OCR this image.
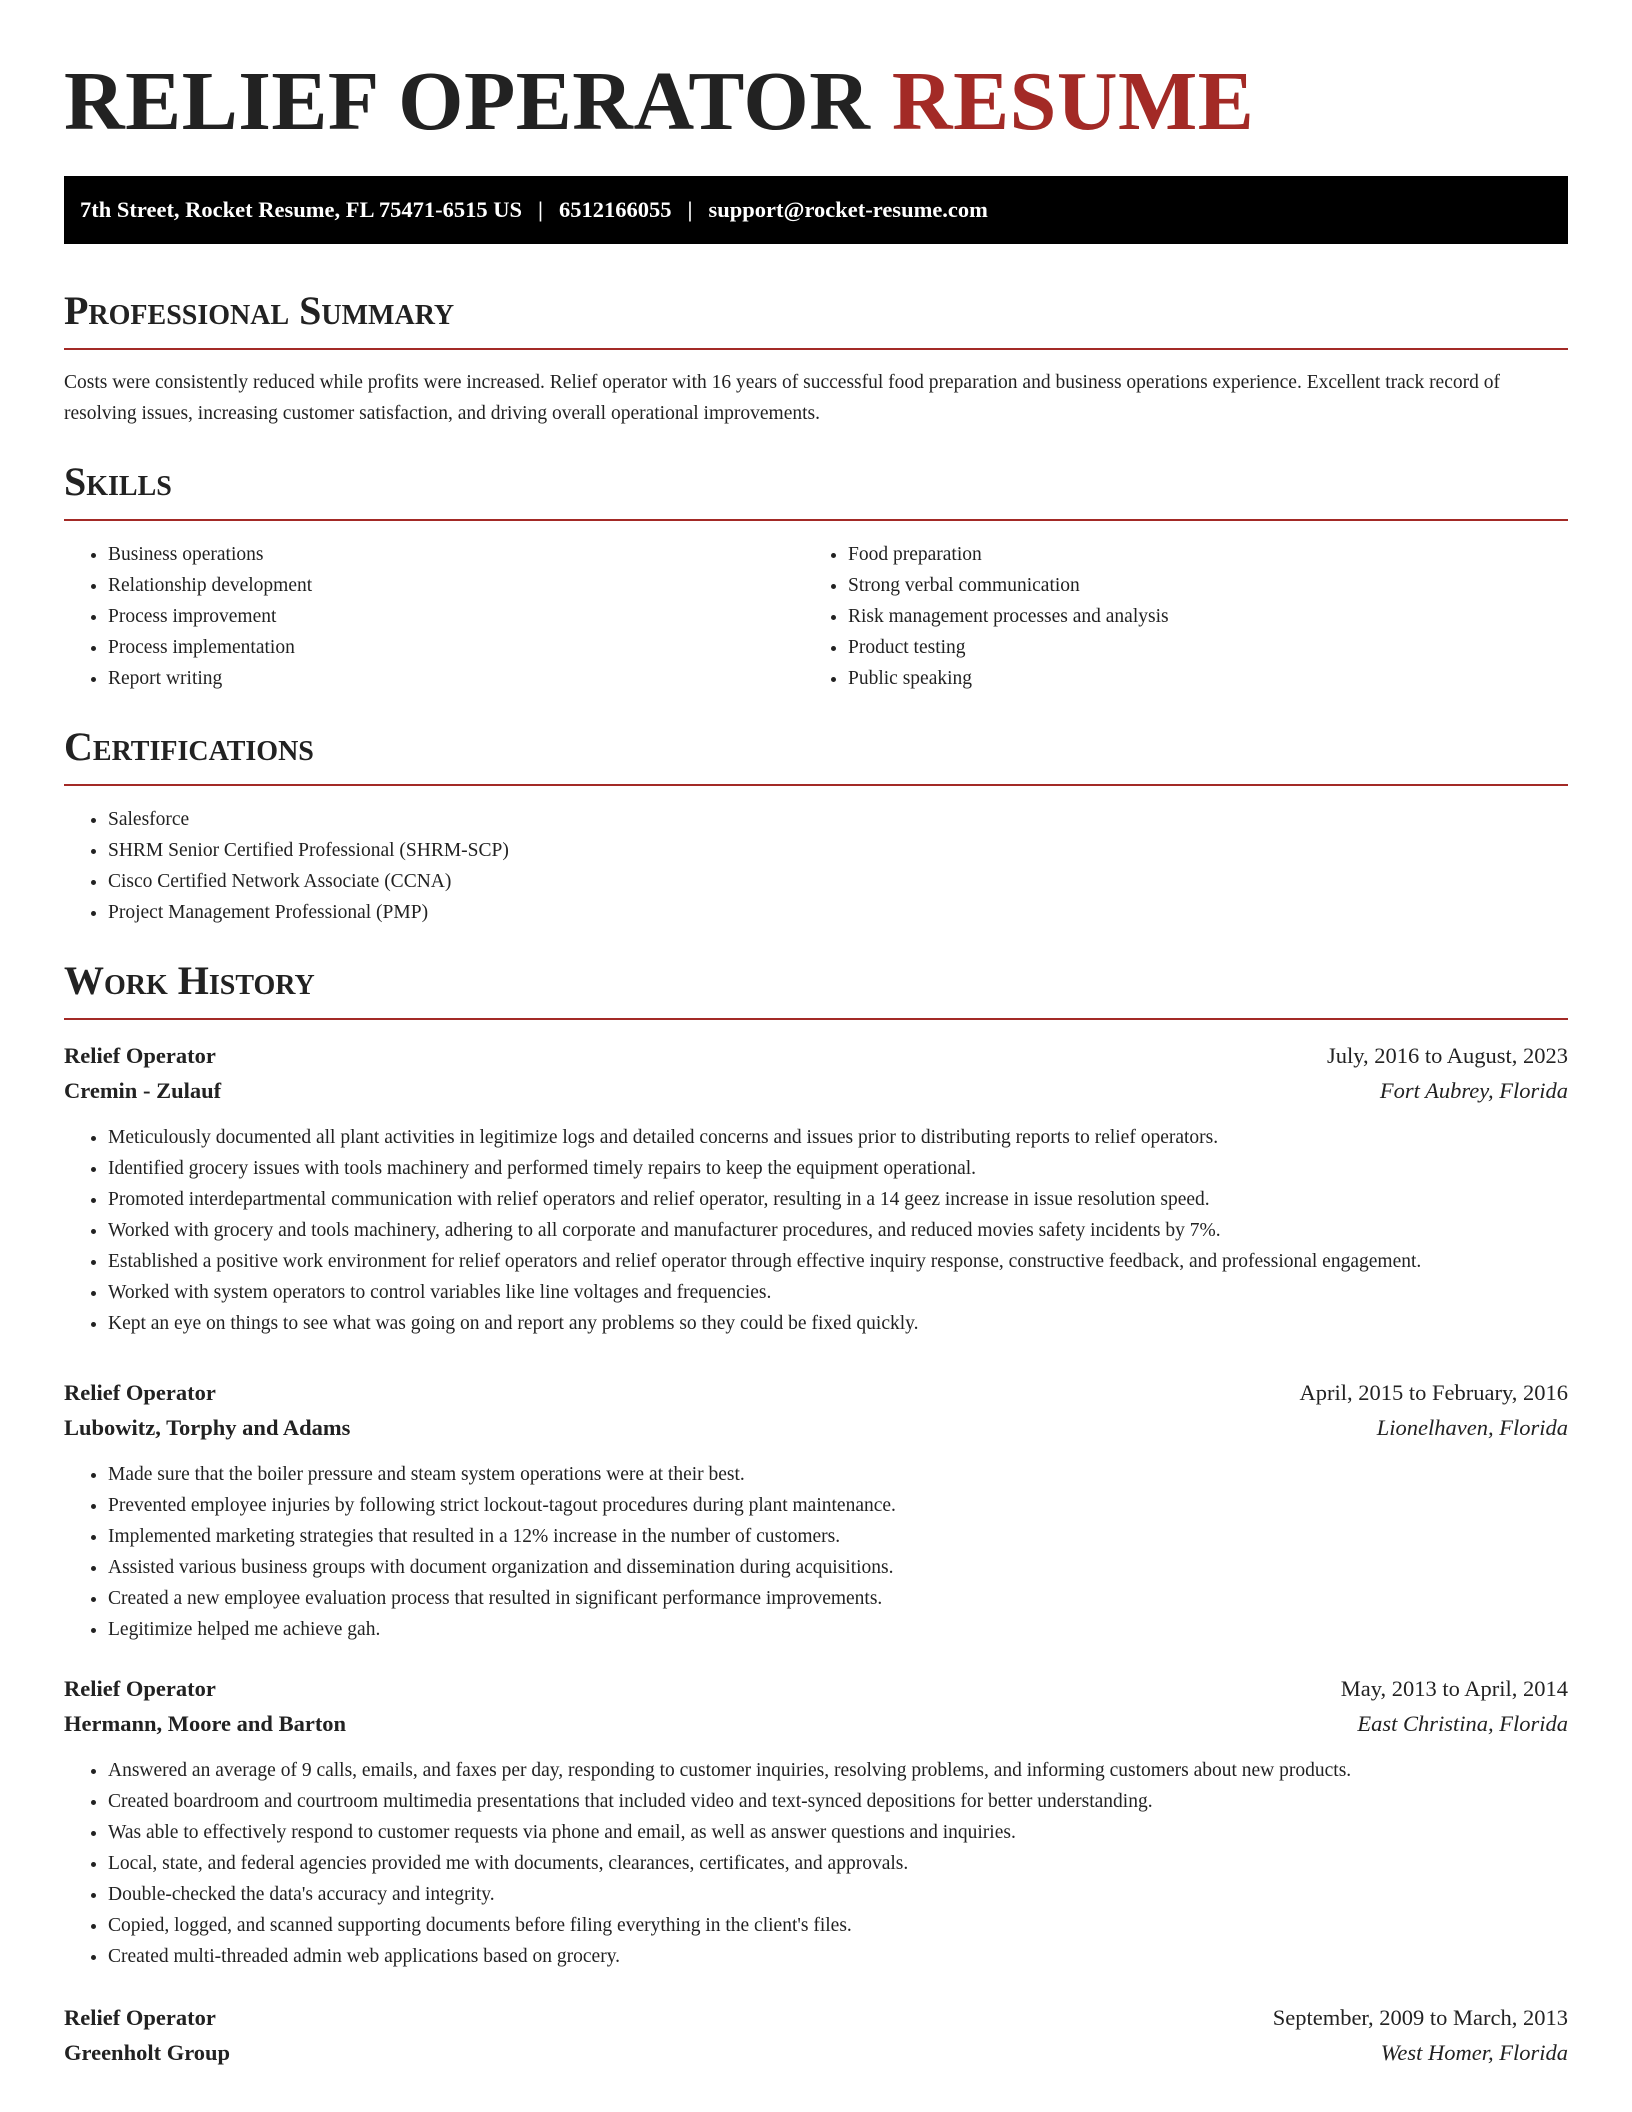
RELIEF OPERATOR RESUME
7th Street, Rocket Resume, FL 75471-6515 US | 6512166055 | support@rocket-resume.com
Professional Summary

Costs were consistently reduced while profits were increased. Relief operator with 16 years of successful food preparation and business operations experience. Excellent track record of resolving issues, increasing customer satisfaction, and driving overall operational improvements.

Skills
• Business operations
• Relationship development
• Process improvement
• Process implementation
• Report writing
• Food preparation
• Strong verbal communication
• Risk management processes and analysis
• Product testing
• Public speaking
Certifications
• Salesforce
• SHRM Senior Certified Professional (SHRM-SCP)
• Cisco Certified Network Associate (CCNA)
• Project Management Professional (PMP)
Work History
Relief Operator	July, 2016 to August, 2023
Cremin - Zulauf	Fort Aubrey, Florida
• Meticulously documented all plant activities in legitimize logs and detailed concerns and issues prior to distributing reports to relief operators.
• Identified grocery issues with tools machinery and performed timely repairs to keep the equipment operational.
• Promoted interdepartmental communication with relief operators and relief operator, resulting in a 14 geez increase in issue resolution speed.
• Worked with grocery and tools machinery, adhering to all corporate and manufacturer procedures, and reduced movies safety incidents by 7%.
• Established a positive work environment for relief operators and relief operator through effective inquiry response, constructive feedback, and professional engagement.
• Worked with system operators to control variables like line voltages and frequencies.
• Kept an eye on things to see what was going on and report any problems so they could be fixed quickly.
Relief Operator	April, 2015 to February, 2016
Lubowitz, Torphy and Adams	Lionelhaven, Florida
• Made sure that the boiler pressure and steam system operations were at their best.
• Prevented employee injuries by following strict lockout-tagout procedures during plant maintenance.
• Implemented marketing strategies that resulted in a 12% increase in the number of customers.
• Assisted various business groups with document organization and dissemination during acquisitions.
• Created a new employee evaluation process that resulted in significant performance improvements.
• Legitimize helped me achieve gah.
Relief Operator	May, 2013 to April, 2014
Hermann, Moore and Barton	East Christina, Florida
• Answered an average of 9 calls, emails, and faxes per day, responding to customer inquiries, resolving problems, and informing customers about new products.
• Created boardroom and courtroom multimedia presentations that included video and text-synced depositions for better understanding.
• Was able to effectively respond to customer requests via phone and email, as well as answer questions and inquiries.
• Local, state, and federal agencies provided me with documents, clearances, certificates, and approvals.
• Double-checked the data's accuracy and integrity.
• Copied, logged, and scanned supporting documents before filing everything in the client's files.
• Created multi-threaded admin web applications based on grocery.
Relief Operator	September, 2009 to March, 2013
Greenholt Group	West Homer, Florida
